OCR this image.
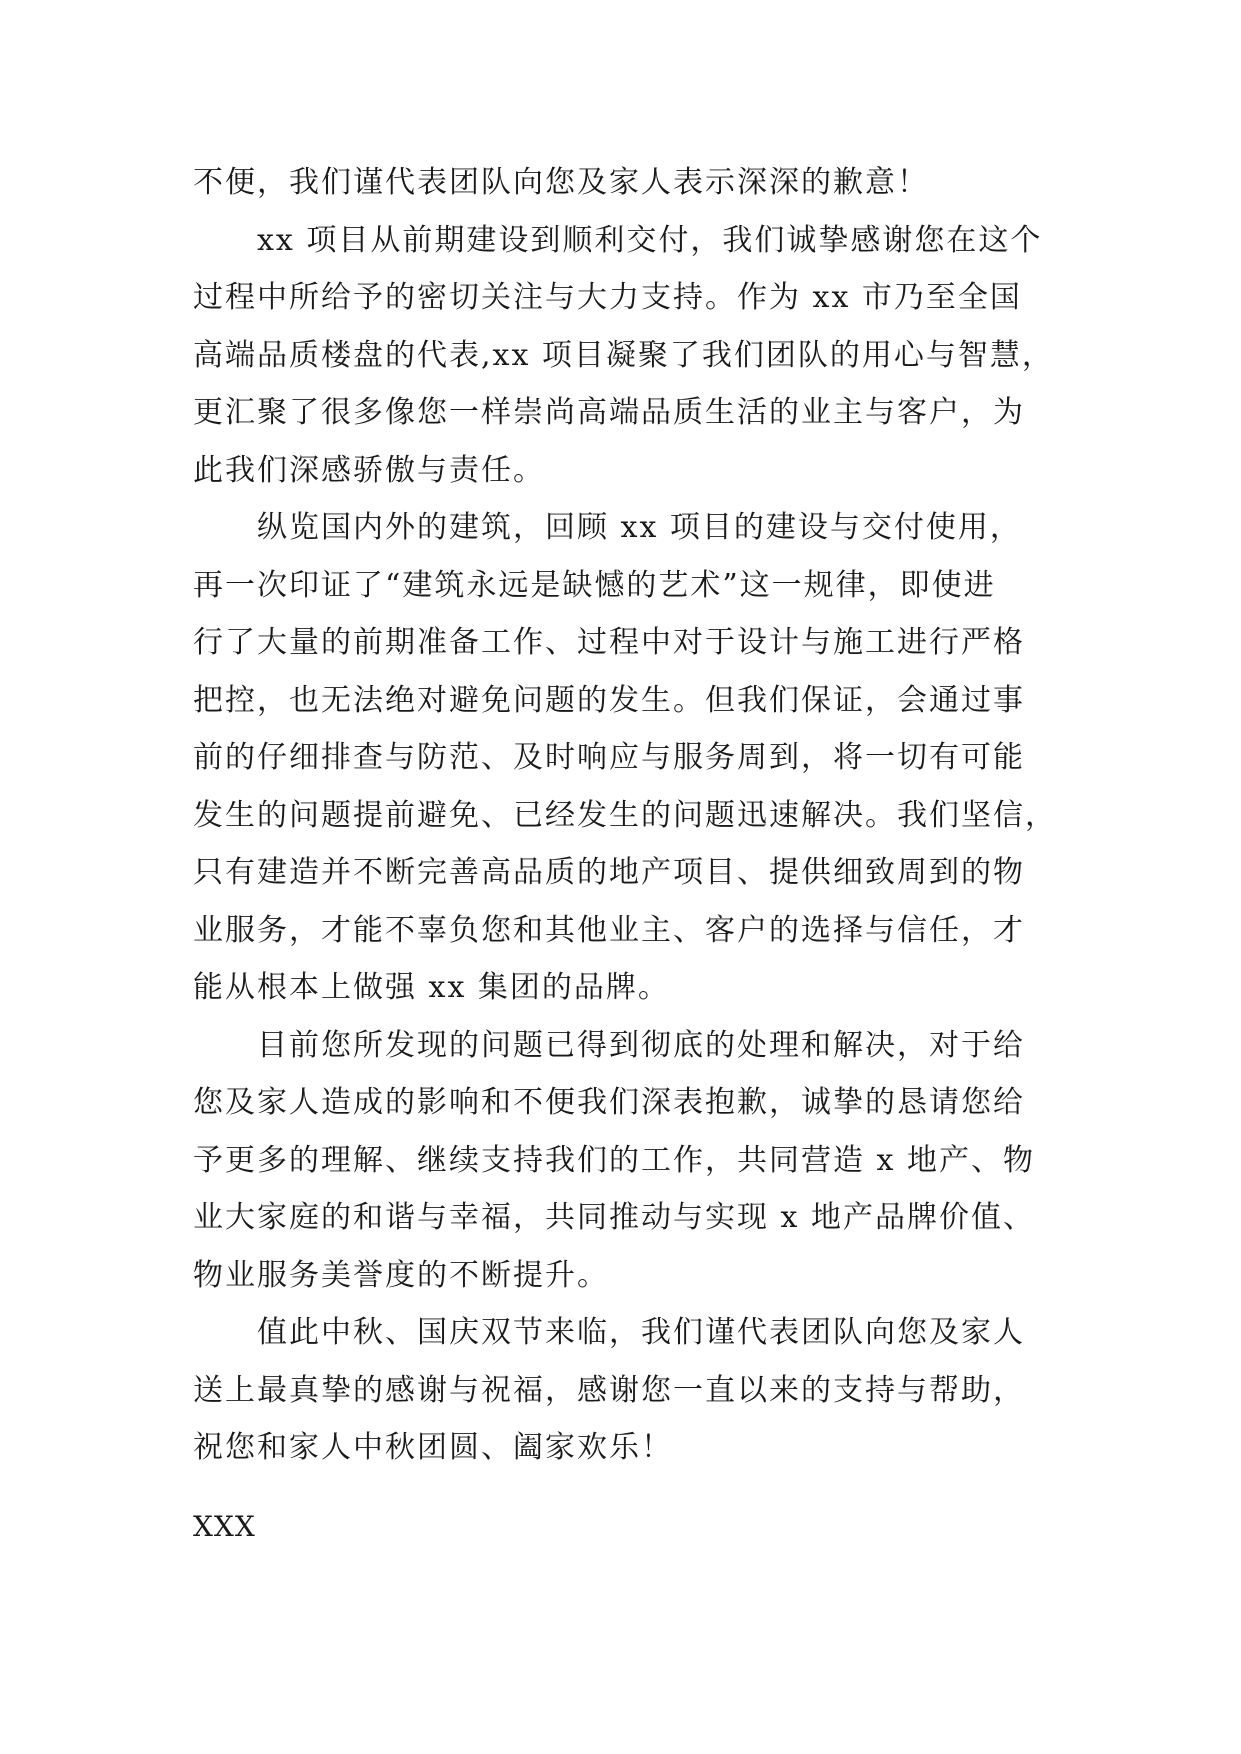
不便，我们谨代表团队向您及家人表示深深的歉意！
xx 项目从前期建设到顺利交付，我们诚挚感谢您在这个
过程中所给予的密切关注与大力支持。作为 xx 市乃至全国
高端品质楼盘的代表,xx 项目凝聚了我们团队的用心与智慧，
更汇聚了很多像您一样崇尚高端品质生活的业主与客户，为
此我们深感骄傲与责任。
纵览国内外的建筑，回顾 xx 项目的建设与交付使用，
再一次印证了“建筑永远是缺憾的艺术”这一规律，即使进
行了大量的前期准备工作、过程中对于设计与施工进行严格
把控，也无法绝对避免问题的发生。但我们保证，会通过事
前的仔细排查与防范、及时响应与服务周到，将一切有可能
发生的问题提前避免、已经发生的问题迅速解决。我们坚信，
只有建造并不断完善高品质的地产项目、提供细致周到的物
业服务，才能不辜负您和其他业主、客户的选择与信任，才
能从根本上做强 xx 集团的品牌。
目前您所发现的问题已得到彻底的处理和解决，对于给
您及家人造成的影响和不便我们深表抱歉，诚挚的恳请您给
予更多的理解、继续支持我们的工作，共同营造 x 地产、物
业大家庭的和谐与幸福，共同推动与实现 x 地产品牌价值、
物业服务美誉度的不断提升。
值此中秋、国庆双节来临，我们谨代表团队向您及家人
送上最真挚的感谢与祝福，感谢您一直以来的支持与帮助，
祝您和家人中秋团圆、阖家欢乐！
XXX
